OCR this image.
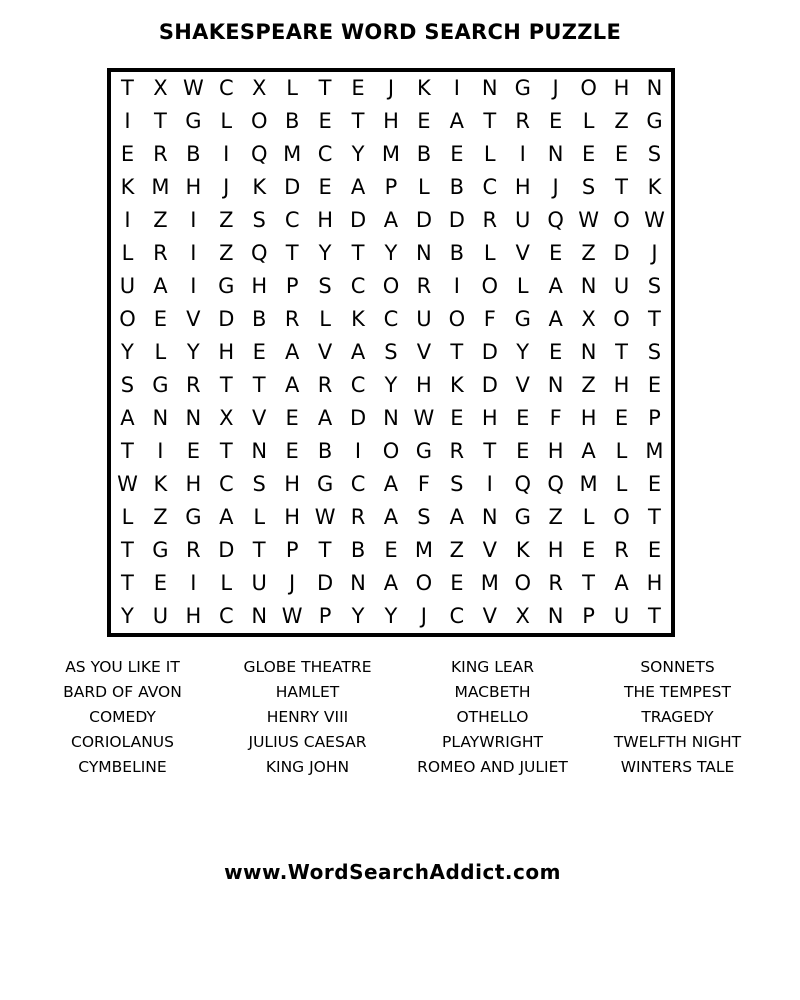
SHAKESPEARE WORD SEARCH PUZZLE
T X W C X L T E	J	K	I	N G	J	O H N
I	T G L O B E T H E A T R E L Z G
E R B	I	Q M C Y M B E L	I	N E E S
K M H	J	K D E A P L B C H	J	S T K
I	Z	I	Z S C H D A D D R U Q W O W
L R	I	Z Q T Y T Y N B L V E Z D	J
U A	I	G H P S C O R	I	O L A N U S
O E V D B R L K C U O F G A X O T
Y L Y H E A V A S V T D Y E N T S
S G R T T A R C Y H K D V N Z H E
A N N X V E A D N W E H E F H E P
T	I	E T N E B	I	O G R T E H A L M
W K H C S H G C A F S	I	Q Q M L E
L Z G A L H W R A S A N G Z L O T
T G R D T P T B E M Z V K H E R E
T E	I	L U	J	D N A O E M O R T A H
Y U H C N W P Y Y	J	C V X N P U T
AS YOU LIKE IT
BARD OF AVON
COMEDY
CORIOLANUS
CYMBELINE
GLOBE THEATRE
HAMLET
HENRY VIII
JULIUS CAESAR
KING JOHN
KING LEAR
MACBETH
OTHELLO
PLAYWRIGHT
ROMEO AND JULIET
SONNETS
THE TEMPEST
TRAGEDY
TWELFTH NIGHT
WINTERS TALE
www.WordSearchAddict.com
